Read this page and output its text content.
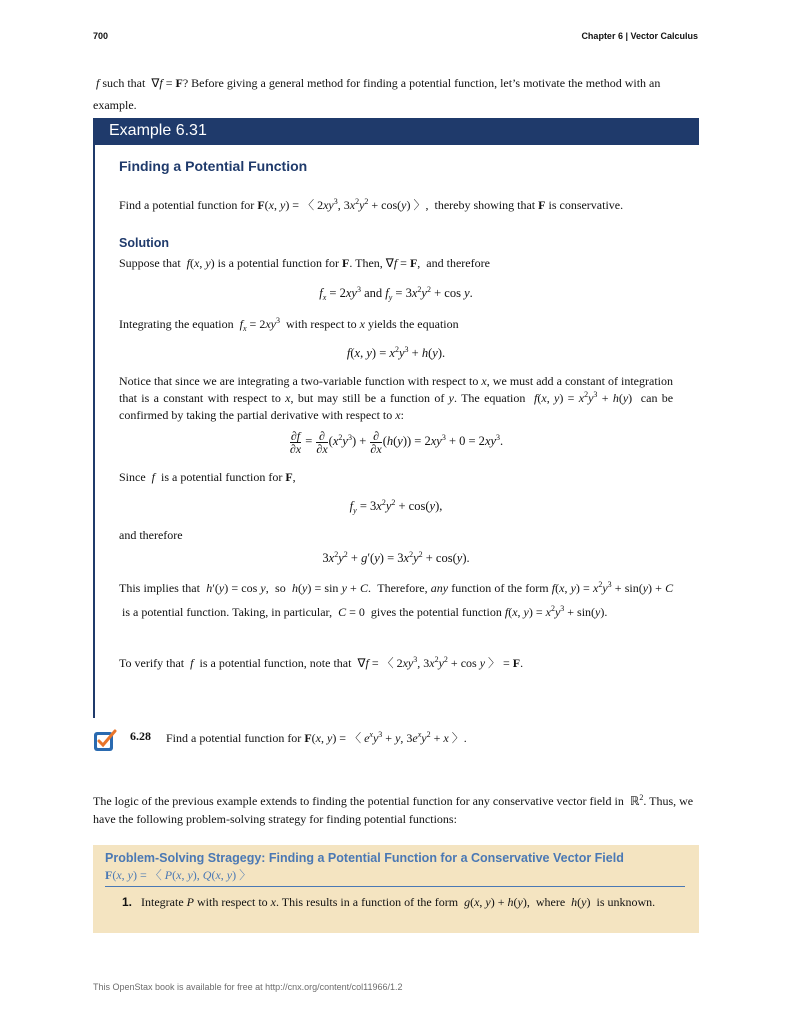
700	Chapter 6 | Vector Calculus
f such that  ∇f = F? Before giving a general method for finding a potential function, let’s motivate the method with an example.
Example 6.31
Finding a Potential Function
Find a potential function for F(x, y) = 〈 $2xy^3$, $3x^2y^2 + \cos(y)$ 〉, thereby showing that F is conservative.
Solution
Suppose that f(x, y) is a potential function for F. Then, ∇f = F, and therefore
$f_x = 2xy^3$ and $f_y = 3x^2y^2 + \cos y$.
Integrating the equation $f_x = 2xy^3$ with respect to x yields the equation
f(x, $y) = x^2y^3 + h(y)$.
Notice that since we are integrating a two-variable function with respect to x, we must add a constant of integration that is a constant with respect to x, but may still be a function of y. The equation f(x, $y) = x^2y^3 + h(y)$ can be confirmed by taking the partial derivative with respect to x:
$\frac{\partial f}{\partial x} = \frac{\partial}{\partial x} (x^2y^3) + \frac{\partial}{\partial x} (h(y)) = 2xy^3 + 0 = 2xy^3$.
Since  f  is a potential function for F,
$f_y = 3x^2y^2 + \cos(y)$,
and therefore
$3x^2y^2 + g'(y) = 3x^2y^2 + \cos(y)$.
This implies that h′(y) = cos y, so h(y) = sin y + C. Therefore, any function of the form f(x, $y) = x^2y^3 + \sin(y) + C$  is a potential function. Taking, in particular, C = 0 gives the potential function f(x, $y) = x^2y^3 + \sin(y)$.
To verify that  f  is a potential function, note that  ∇f = 〈 $2xy^3$, $3x^2y^2 + \cos y$ 〉 = F.
6.28 Find a potential function for F(x, y) = 〈 $e^xy^3 + y$, $3e^xy^2 + x$ 〉.
The logic of the previous example extends to finding the potential function for any conservative vector field in  ℝ$^2$. Thus, we have the following problem-solving strategy for finding potential functions:
Problem-Solving Stragegy: Finding a Potential Function for a Conservative Vector Field
F(x, y) = 〈 P(x, y), Q(x, y) 〉
1. Integrate P with respect to x. This results in a function of the form g(x, y) + h(y), where h(y) is unknown.
This OpenStax book is available for free at http://cnx.org/content/col11966/1.2
